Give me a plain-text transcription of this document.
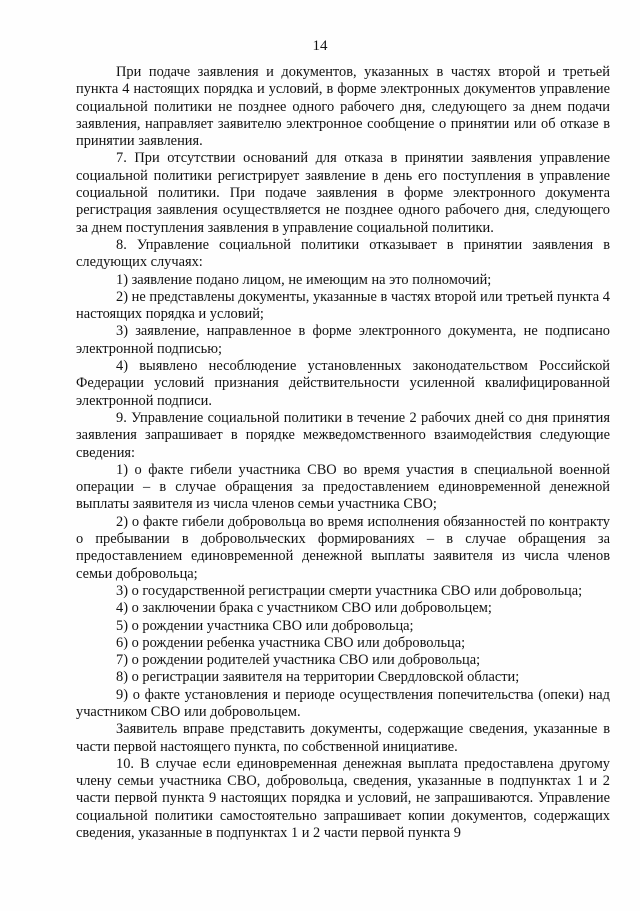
14

При подаче заявления и документов, указанных в частях второй и третьей пункта 4 настоящих порядка и условий, в форме электронных документов управление социальной политики не позднее одного рабочего дня, следующего за днем подачи заявления, направляет заявителю электронное сообщение о принятии или об отказе в принятии заявления.

7. При отсутствии оснований для отказа в принятии заявления управление социальной политики регистрирует заявление в день его поступления в управление социальной политики. При подаче заявления в форме электронного документа регистрация заявления осуществляется не позднее одного рабочего дня, следующего за днем поступления заявления в управление социальной политики.

8. Управление социальной политики отказывает в принятии заявления в следующих случаях:

1) заявление подано лицом, не имеющим на это полномочий;

2) не представлены документы, указанные в частях второй или третьей пункта 4 настоящих порядка и условий;

3) заявление, направленное в форме электронного документа, не подписано электронной подписью;

4) выявлено несоблюдение установленных законодательством Российской Федерации условий признания действительности усиленной квалифицированной электронной подписи.

9. Управление социальной политики в течение 2 рабочих дней со дня принятия заявления запрашивает в порядке межведомственного взаимодействия следующие сведения:

1) о факте гибели участника СВО во время участия в специальной военной операции – в случае обращения за предоставлением единовременной денежной выплаты заявителя из числа членов семьи участника СВО;

2) о факте гибели добровольца во время исполнения обязанностей по контракту о пребывании в добровольческих формированиях – в случае обращения за предоставлением единовременной денежной выплаты заявителя из числа членов семьи добровольца;

3) о государственной регистрации смерти участника СВО или добровольца;

4) о заключении брака с участником СВО или добровольцем;

5) о рождении участника СВО или добровольца;

6) о рождении ребенка участника СВО или добровольца;

7) о рождении родителей участника СВО или добровольца;

8) о регистрации заявителя на территории Свердловской области;

9) о факте установления и периоде осуществления попечительства (опеки) над участником СВО или добровольцем.

Заявитель вправе представить документы, содержащие сведения, указанные в части первой настоящего пункта, по собственной инициативе.

10. В случае если единовременная денежная выплата предоставлена другому члену семьи участника СВО, добровольца, сведения, указанные в подпунктах 1 и 2 части первой пункта 9 настоящих порядка и условий, не запрашиваются. Управление социальной политики самостоятельно запрашивает копии документов, содержащих сведения, указанные в подпунктах 1 и 2 части первой пункта 9
